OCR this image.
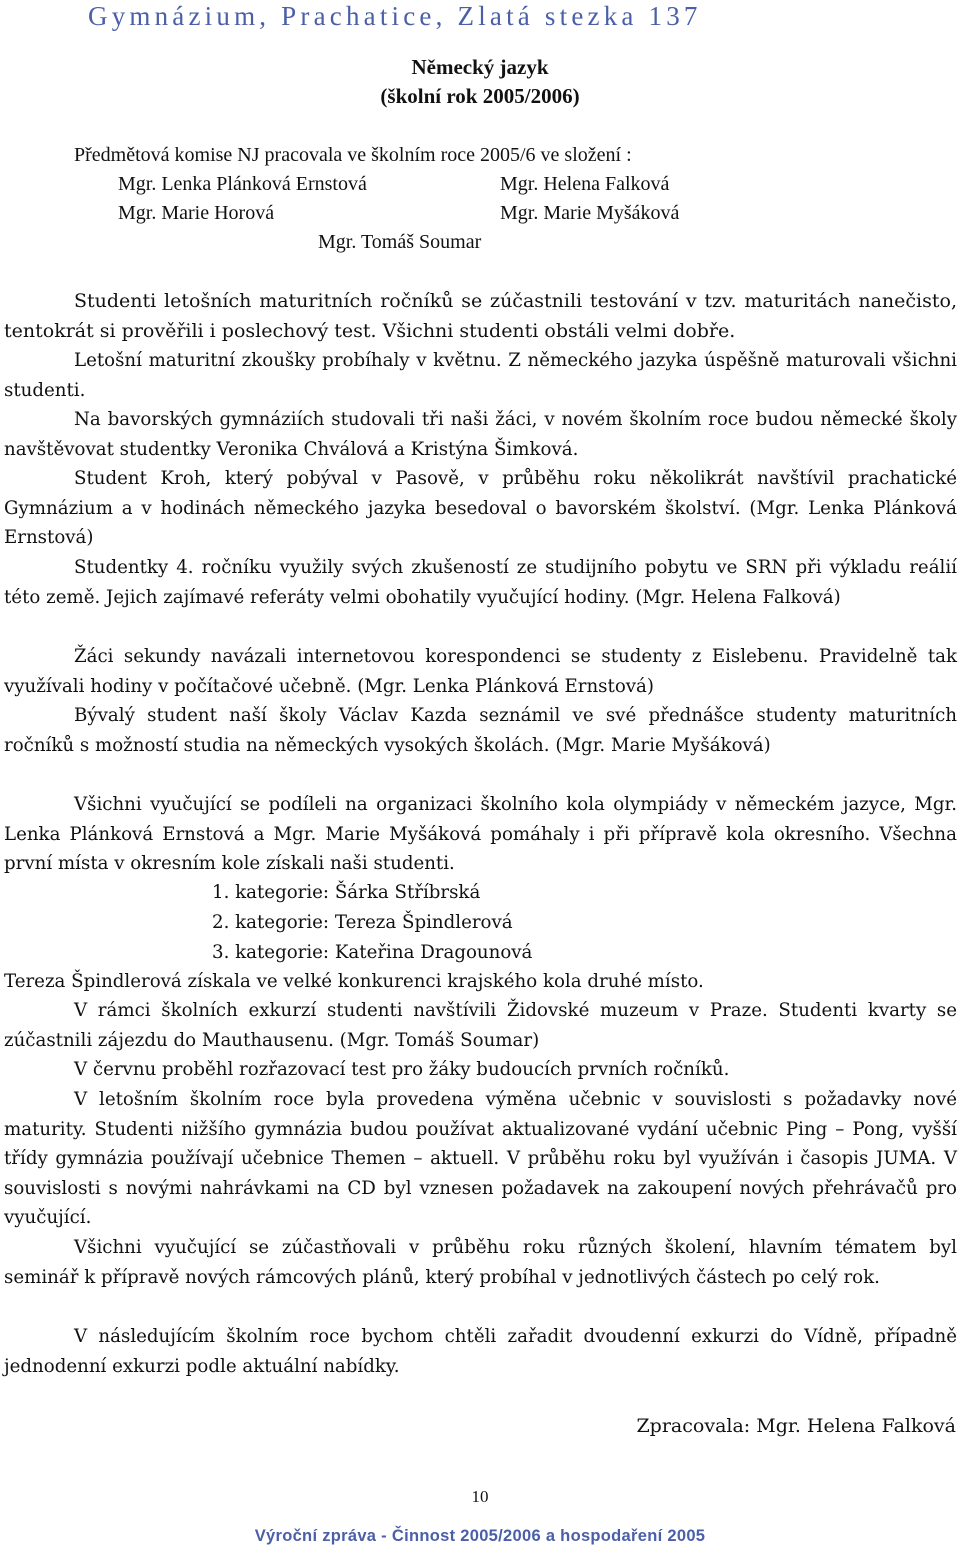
Gymnázium, Prachatice, Zlatá stezka 137
Německý jazyk
(školní rok 2005/2006)
Předmětová komise NJ pracovala ve školním roce 2005/6 ve složení :
Mgr. Lenka Plánková Ernstová	Mgr. Helena Falková
Mgr. Marie Horová	Mgr. Marie Myšáková
Mgr. Tomáš Soumar
Studenti letošních maturitních ročníků se zúčastnili testování v tzv. maturitách nanečisto, tentokrát si prověřili i poslechový test. Všichni studenti obstáli velmi dobře.
Letošní maturitní zkoušky probíhaly v květnu. Z německého jazyka úspěšně maturovali všichni studenti.
Na bavorských gymnáziích studovali tři naši žáci, v novém školním roce budou německé školy navštěvovat studentky Veronika Chválová a Kristýna Šimková.
Student Kroh, který pobýval v Pasově, v průběhu roku několikrát navštívil prachatické Gymnázium a v hodinách německého jazyka besedoval o bavorském školství. (Mgr. Lenka Plánková Ernstová)
Studentky 4. ročníku využily svých zkušeností ze studijního pobytu ve SRN při výkladu reálií této země. Jejich zajímavé referáty velmi obohatily vyučující hodiny. (Mgr. Helena Falková)
Žáci sekundy navázali internetovou korespondenci se studenty z Eislebenu. Pravidelně tak využívali hodiny v počítačové učebně. (Mgr. Lenka Plánková Ernstová)
Bývalý student naší školy Václav Kazda seznámil ve své přednášce studenty maturitních ročníků s možností studia na německých vysokých školách. (Mgr. Marie Myšáková)
Všichni vyučující se podíleli na organizaci školního kola olympiády v německém jazyce, Mgr. Lenka Plánková Ernstová a Mgr. Marie Myšáková pomáhaly i při přípravě kola okresního. Všechna první místa v okresním kole získali naši studenti.
1. kategorie: Šárka Stříbrská
2. kategorie: Tereza Špindlerová
3. kategorie: Kateřina Dragounová
Tereza Špindlerová získala ve velké konkurenci krajského kola druhé místo.
V rámci školních exkurzí studenti navštívili Židovské muzeum v Praze. Studenti kvarty se zúčastnili zájezdu do Mauthausenu. (Mgr. Tomáš Soumar)
V červnu proběhl rozřazovací test pro žáky budoucích prvních ročníků.
V letošním školním roce byla provedena výměna učebnic v souvislosti s požadavky nové maturity. Studenti nižšího gymnázia budou používat aktualizované vydání učebnic Ping – Pong, vyšší třídy gymnázia používají učebnice Themen – aktuell. V průběhu roku byl využíván i časopis JUMA. V souvislosti s novými nahrávkami na CD byl vznesen požadavek na zakoupení nových přehrávačů pro vyučující.
Všichni vyučující se zúčastňovali v průběhu roku různých školení, hlavním tématem byl seminář k přípravě nových rámcových plánů, který probíhal v jednotlivých částech po celý rok.
V následujícím školním roce bychom chtěli zařadit dvoudenní exkurzi do Vídně, případně jednodenní exkurzi podle aktuální nabídky.
Zpracovala: Mgr. Helena Falková
10
Výroční zpráva - Činnost 2005/2006 a hospodaření 2005
